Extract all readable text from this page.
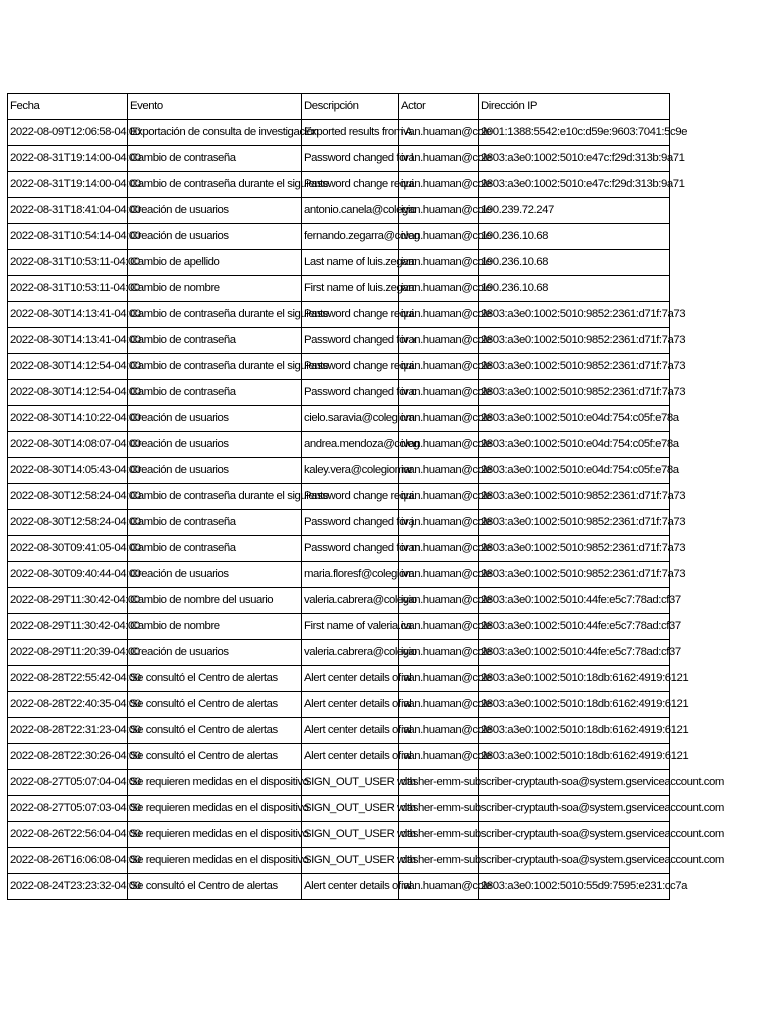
Fecha	Evento	Descripción	Actor	Dirección IP

2022-08-09T12:06:58-04:00	Exportación de consulta de investigación	Exported results from A	ivan.huaman@cole	2001:1388:5542:e10c:d59e:9603:7041:5c9e

2022-08-31T19:14:00-04:00	Cambio de contraseña	Password changed for l	ivan.huaman@cole	2803:a3e0:1002:5010:e47c:f29d:313b:9a71

2022-08-31T19:14:00-04:00	Cambio de contraseña durante el siguiente	Password change requi	ivan.huaman@cole	2803:a3e0:1002:5010:e47c:f29d:313b:9a71

2022-08-31T18:41:04-04:00	Creación de usuarios	antonio.canela@colegio	ivan.huaman@cole	190.239.72.247

2022-08-31T10:54:14-04:00	Creación de usuarios	fernando.zegarra@coleg	ivan.huaman@cole	190.236.10.68

2022-08-31T10:53:11-04:00	Cambio de apellido	Last name of luis.zegarr	ivan.huaman@cole	190.236.10.68

2022-08-31T10:53:11-04:00	Cambio de nombre	First name of luis.zegarr	ivan.huaman@cole	190.236.10.68

2022-08-30T14:13:41-04:00	Cambio de contraseña durante el siguiente	Password change requi	ivan.huaman@cole	2803:a3e0:1002:5010:9852:2361:d71f:7a73

2022-08-30T14:13:41-04:00	Cambio de contraseña	Password changed for x	ivan.huaman@cole	2803:a3e0:1002:5010:9852:2361:d71f:7a73

2022-08-30T14:12:54-04:00	Cambio de contraseña durante el siguiente	Password change requi	ivan.huaman@cole	2803:a3e0:1002:5010:9852:2361:d71f:7a73

2022-08-30T14:12:54-04:00	Cambio de contraseña	Password changed for c	ivan.huaman@cole	2803:a3e0:1002:5010:9852:2361:d71f:7a73

2022-08-30T14:10:22-04:00	Creación de usuarios	cielo.saravia@colegiom	ivan.huaman@cole	2803:a3e0:1002:5010:e04d:754:c05f:e78a

2022-08-30T14:08:07-04:00	Creación de usuarios	andrea.mendoza@coleg	ivan.huaman@cole	2803:a3e0:1002:5010:e04d:754:c05f:e78a

2022-08-30T14:05:43-04:00	Creación de usuarios	kaley.vera@colegiomar	ivan.huaman@cole	2803:a3e0:1002:5010:e04d:754:c05f:e78a

2022-08-30T12:58:24-04:00	Cambio de contraseña durante el siguiente	Password change requi	ivan.huaman@cole	2803:a3e0:1002:5010:9852:2361:d71f:7a73

2022-08-30T12:58:24-04:00	Cambio de contraseña	Password changed for j	ivan.huaman@cole	2803:a3e0:1002:5010:9852:2361:d71f:7a73

2022-08-30T09:41:05-04:00	Cambio de contraseña	Password changed for m	ivan.huaman@cole	2803:a3e0:1002:5010:9852:2361:d71f:7a73

2022-08-30T09:40:44-04:00	Creación de usuarios	maria.floresf@colegiom	ivan.huaman@cole	2803:a3e0:1002:5010:9852:2361:d71f:7a73

2022-08-29T11:30:42-04:00	Cambio de nombre del usuario	valeria.cabrera@colegio	ivan.huaman@cole	2803:a3e0:1002:5010:44fe:e5c7:78ad:cf37

2022-08-29T11:30:42-04:00	Cambio de nombre	First name of valeria.ca	ivan.huaman@cole	2803:a3e0:1002:5010:44fe:e5c7:78ad:cf37

2022-08-29T11:20:39-04:00	Creación de usuarios	valeria.cabrera@colegio	ivan.huaman@cole	2803:a3e0:1002:5010:44fe:e5c7:78ad:cf37

2022-08-28T22:55:42-04:00	Se consultó el Centro de alertas	Alert center details of al	ivan.huaman@cole	2803:a3e0:1002:5010:18db:6162:4919:6121

2022-08-28T22:40:35-04:00	Se consultó el Centro de alertas	Alert center details of al	ivan.huaman@cole	2803:a3e0:1002:5010:18db:6162:4919:6121

2022-08-28T22:31:23-04:00	Se consultó el Centro de alertas	Alert center details of al	ivan.huaman@cole	2803:a3e0:1002:5010:18db:6162:4919:6121

2022-08-28T22:30:26-04:00	Se consultó el Centro de alertas	Alert center details of al	ivan.huaman@cole	2803:a3e0:1002:5010:18db:6162:4919:6121

2022-08-27T05:07:04-04:00	Se requieren medidas en el dispositivo	SIGN_OUT_USER with	dasher-emm-subscriber-cryptauth-soa@system.gserviceaccount.com	

2022-08-27T05:07:03-04:00	Se requieren medidas en el dispositivo	SIGN_OUT_USER with	dasher-emm-subscriber-cryptauth-soa@system.gserviceaccount.com	

2022-08-26T22:56:04-04:00	Se requieren medidas en el dispositivo	SIGN_OUT_USER with	dasher-emm-subscriber-cryptauth-soa@system.gserviceaccount.com	

2022-08-26T16:06:08-04:00	Se requieren medidas en el dispositivo	SIGN_OUT_USER with	dasher-emm-subscriber-cryptauth-soa@system.gserviceaccount.com	

2022-08-24T23:23:32-04:00	Se consultó el Centro de alertas	Alert center details of al	ivan.huaman@cole	2803:a3e0:1002:5010:55d9:7595:e231:cc7a
